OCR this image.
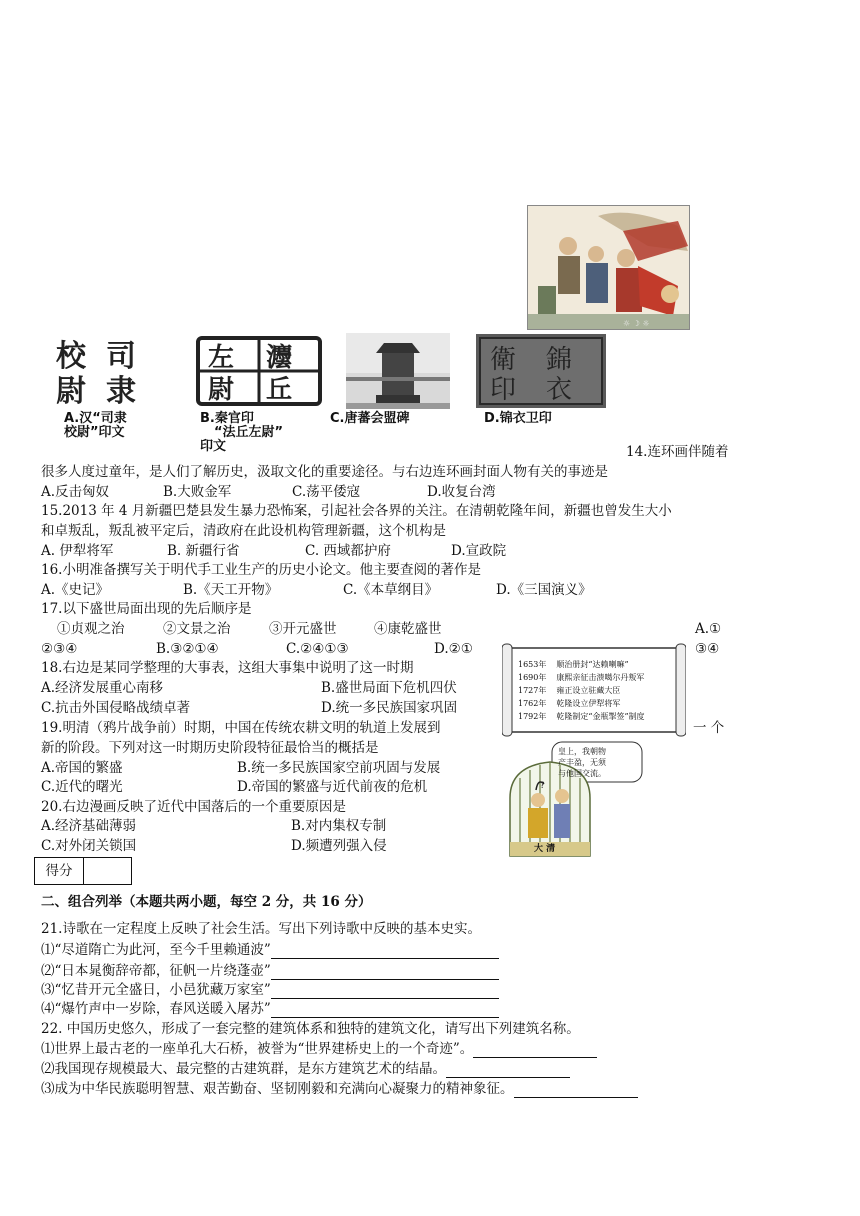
☼ ☽ ☼
校 司
尉 隶
灋
丘
左
尉
錦
衣
衛
印
A.汉“司隶
校尉”印文
B.秦官印
“法丘左尉”
印文
C.唐蕃会盟碑	D.锦衣卫印
14.连环画伴随着
很多人度过童年，是人们了解历史，汲取文化的重要途径。与右边连环画封面人物有关的事迹是
A.反击匈奴	B.大败金军	C.荡平倭寇	D.收复台湾
15.2013 年 4 月新疆巴楚县发生暴力恐怖案，引起社会各界的关注。在清朝乾隆年间，新疆也曾发生大小
和卓叛乱，叛乱被平定后，清政府在此设机构管理新疆，这个机构是
A. 伊犁将军	B. 新疆行省	C. 西域都护府	D.宣政院
16.小明准备撰写关于明代手工业生产的历史小论文。他主要查阅的著作是
A.《史记》	B.《天工开物》	C.《本草纲目》	D.《三国演义》
17.以下盛世局面出现的先后顺序是
①贞观之治	②文景之治	③开元盛世	④康乾盛世	A.①
②③④	B.③②①④	C.②④①③	D.②①	③④
1653年 顺治册封“达赖喇嘛”
1690年 康熙亲征击溃噶尔丹叛军
1727年 雍正设立驻藏大臣
1762年 乾隆设立伊犁将军
1792年 乾隆制定“金瓶掣签”制度
18.右边是某同学整理的大事表，这组大事集中说明了这一时期
A.经济发展重心南移	B.盛世局面下危机四伏
C.抗击外国侵略战绩卓著	D.统一多民族国家巩固
19.明清（鸦片战争前）时期，中国在传统农耕文明的轨道上发展到	一 个
新的阶段。下列对这一时期历史阶段特征最恰当的概括是
A.帝国的繁盛	B.统一多民族国家空前巩固与发展
C.近代的曙光	D.帝国的繁盛与近代前夜的危机	?
皇上，我朝物
产丰盈，无须
与他国交流。
大 清
20.右边漫画反映了近代中国落后的一个重要原因是
A.经济基础薄弱	B.对内集权专制
C.对外闭关锁国	D.频遭列强入侵
得分
二、组合列举（本题共两小题，每空 2 分，共 16 分）
21.诗歌在一定程度上反映了社会生活。写出下列诗歌中反映的基本史实。
⑴“尽道隋亡为此河，至今千里赖通波”
⑵“日本晁衡辞帝都，征帆一片绕蓬壶”
⑶“忆昔开元全盛日，小邑犹藏万家室”
⑷“爆竹声中一岁除，春风送暖入屠苏”
22. 中国历史悠久，形成了一套完整的建筑体系和独特的建筑文化，请写出下列建筑名称。
⑴世界上最古老的一座单孔大石桥，被誉为“世界建桥史上的一个奇迹”。
⑵我国现存规模最大、最完整的古建筑群，是东方建筑艺术的结晶。
⑶成为中华民族聪明智慧、艰苦勤奋、坚韧刚毅和充满向心凝聚力的精神象征。
